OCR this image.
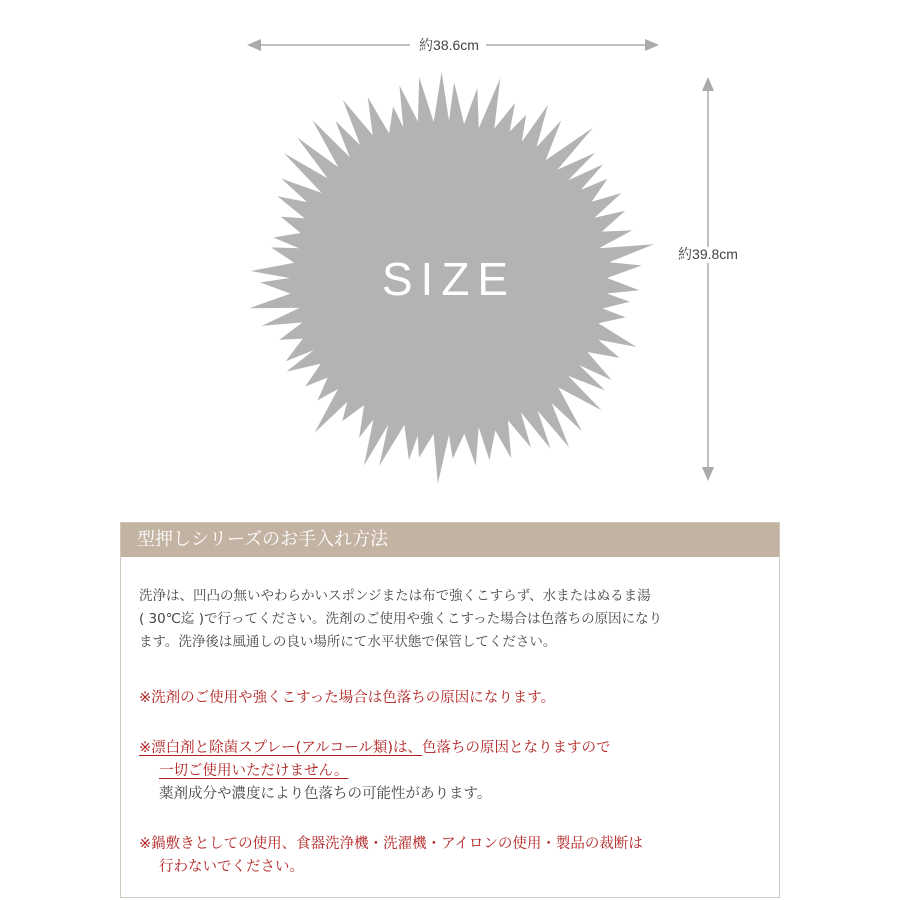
約38.6cm
約39.8cm
SIZE
型押しシリーズのお手入れ方法
洗浄は、凹凸の無いやわらかいスポンジまたは布で強くこすらず、水またはぬるま湯
( 30℃迄 )で行ってください。洗剤のご使用や強くこすった場合は色落ちの原因になり
ます。洗浄後は風通しの良い場所にて水平状態で保管してください。
※洗剤のご使用や強くこすった場合は色落ちの原因になります。
※漂白剤と除菌スプレー(アルコール類)は、色落ちの原因となりますので
一切ご使用いただけません。
薬剤成分や濃度により色落ちの可能性があります。
※鍋敷きとしての使用、食器洗浄機・洗濯機・アイロンの使用・製品の裁断は
行わないでください。
